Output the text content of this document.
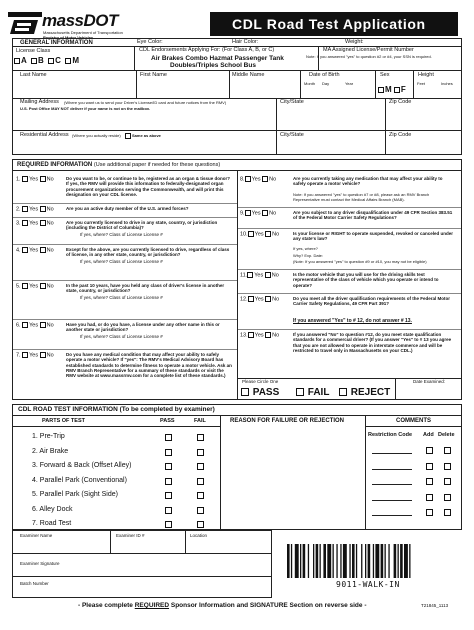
massDOT
Massachusetts Department of Transportation
Registry of Motor Vehicles
CDL Road Test Application
GENERAL INFORMATION	Eye Color:	Hair Color:	Weight:
License Class
A B C M
CDL Endorsements Applying For: (For Class A, B, or C)
Air Brakes Combo Hazmat Passenger Tank
Doubles/Triples School Bus
MA Assigned License/Permit Number
Note: If you answered "yes" to question #2 or #4, your SSN is required.
Last Name	First Name	Middle Name	Date of Birth
Month Day	Year
Sex
M F
Height
Feet	Inches
Mailing Address (Where you want us to send your Driver's License/ID card and future notices from the RMV)
U.S. Post Office MAY NOT deliver if your name is not on the mailbox.
City/State	Zip Code
Residential Address (Where you actually reside)	Same as above	City/State	Zip Code
REQUIRED INFORMATION (Use additional paper if needed for these questions)
1. Yes No	Do you want to be, or continue to be, registered as an organ & tissue donor? If yes, the RMV will provide this information to federally-designated organ procurement organizations serving the Commonwealth, and will print this designation on your CDL license.
2. Yes No	Are you an active duty member of the U.S. armed forces?
3. Yes No	Are you currently licensed to drive in any state, country, or jurisdiction (including the District of Columbia)?
If yes, where? Class of License License #
4. Yes No	Except for the above, are you currently licensed to drive, regardless of class of license, in any other state, country, or jurisdiction?
If yes, where? Class of License License #
5. Yes No	In the past 10 years, have you held any class of driver's license in another state, country, or jurisdiction?
If yes, where? Class of License License #
6. Yes No	Have you had, or do you have, a license under any other name in this or another state or jurisdiction?
If yes, where? Class of License License #
7. Yes No	Do you have any medical condition that may affect your ability to safely operate a motor vehicle? If "yes": The RMV's Medical Advisory Board has established standards to determine fitness to operate a motor vehicle. Ask an RMV Branch Representative for a summary of these standards or visit the RMV website at www.massrmv.com for a complete list of these standards.)
8. Yes No	Are you currently taking any medication that may affect your ability to safely operate a motor vehicle?
Note: If you answered "yes" to question #7 or #8, please ask an RMV Branch Representative must contact the Medical Affairs Branch (MAB).
9. Yes No	Are you subject to any driver disqualification under 49 CFR Section 383.51 of the Federal Motor Carrier Safety Regulations?
10. Yes No	Is your license or RIGHT to operate suspended, revoked or canceled under any state's law?
If yes, where?
Why? Exp. Date:
(Note: If you answered "yes" to question #9 or #10, you may not be eligible)
11. Yes No	Is the motor vehicle that you will use for the driving skills test representative of the class of vehicle which you operate or intend to operate?
12. Yes No	Do you meet all the driver qualification requirements of the Federal Motor Carrier Safety Regulations, 49 CFR Part 391?
If you answered "Yes" to # 12, do not answer # 13.
13. Yes No	If you answered "No" to question #12, do you meet state qualification standards for a commercial driver? (If you answer "Yes" to # 13 you agree that you are not allowed to operate in interstate commerce and will be restricted to travel only in Massachusetts on your CDL.)
Please Circle One
PASS	FAIL	REJECT
Date Examined:
CDL ROAD TEST INFORMATION (To be completed by examiner)
PARTS OF TEST	PASS	FAIL	REASON FOR FAILURE OR REJECTION	COMMENTS
Restriction Code Add Delete
1. Pre-Trip
2. Air Brake
3. Forward & Back (Offset Alley)
4. Parallel Park (Conventional)
5. Parallel Park (Sight Side)
6. Alley Dock
7. Road Test
Examiner Name	Examiner ID #	Location
Examiner Signature
Batch Number	9011-WALK-IN
- Please complete REQUIRED Sponsor Information and SIGNATURE Section on reverse side -	T21845_1113
